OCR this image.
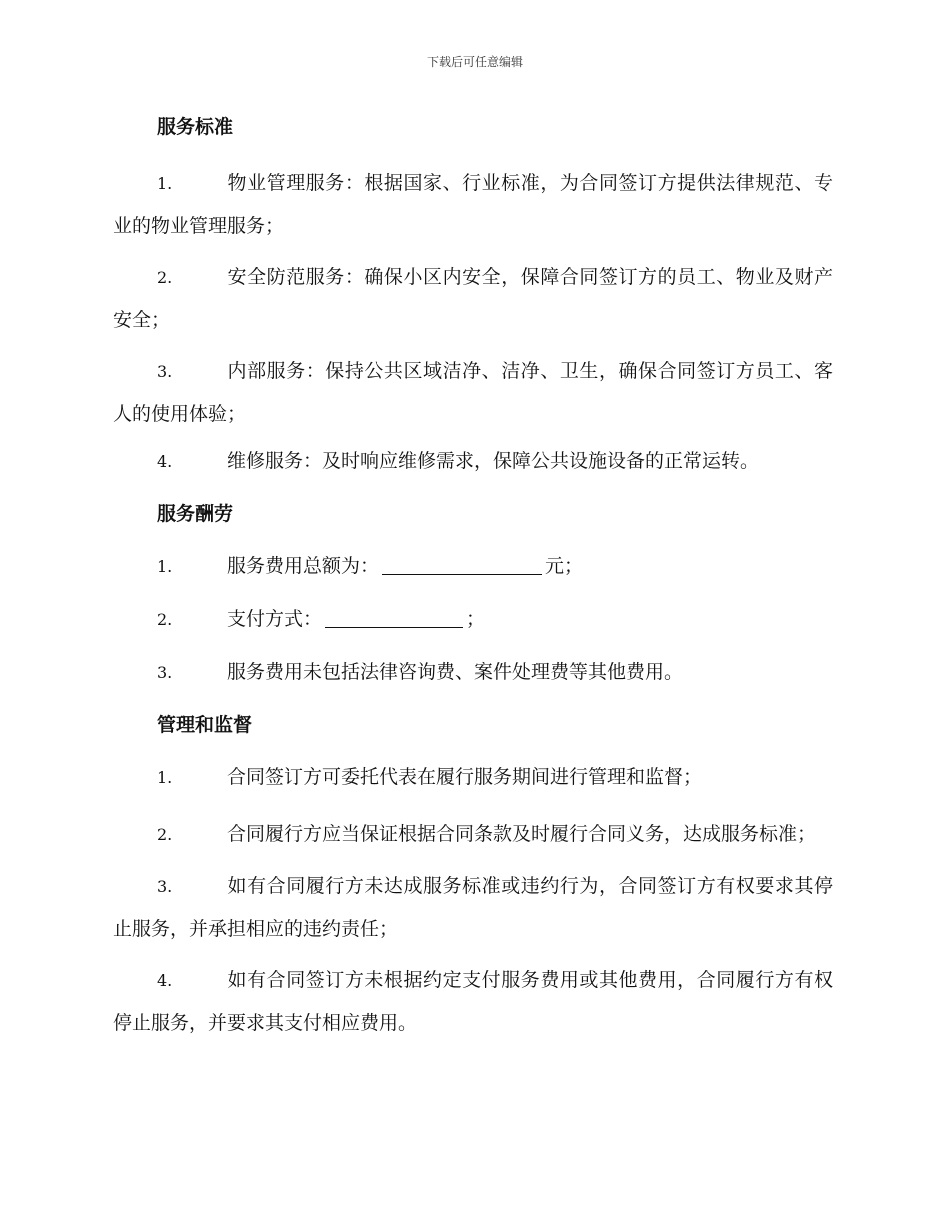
下载后可任意编辑
服务标准
1.	物业管理服务：根据国家、行业标准，为合同签订方提供法律规范、专业的物业管理服务；
2.	安全防范服务：确保小区内安全，保障合同签订方的员工、物业及财产安全；
3.	内部服务：保持公共区域洁净、洁净、卫生，确保合同签订方员工、客人的使用体验；
4.	维修服务：及时响应维修需求，保障公共设施设备的正常运转。
服务酬劳
1.	服务费用总额为：	元；
2.	支付方式：	；
3.	服务费用未包括法律咨询费、案件处理费等其他费用。
管理和监督
1.	合同签订方可委托代表在履行服务期间进行管理和监督；
2.	合同履行方应当保证根据合同条款及时履行合同义务，达成服务标准；
3.	如有合同履行方未达成服务标准或违约行为，合同签订方有权要求其停止服务，并承担相应的违约责任；
4.	如有合同签订方未根据约定支付服务费用或其他费用，合同履行方有权停止服务，并要求其支付相应费用。
